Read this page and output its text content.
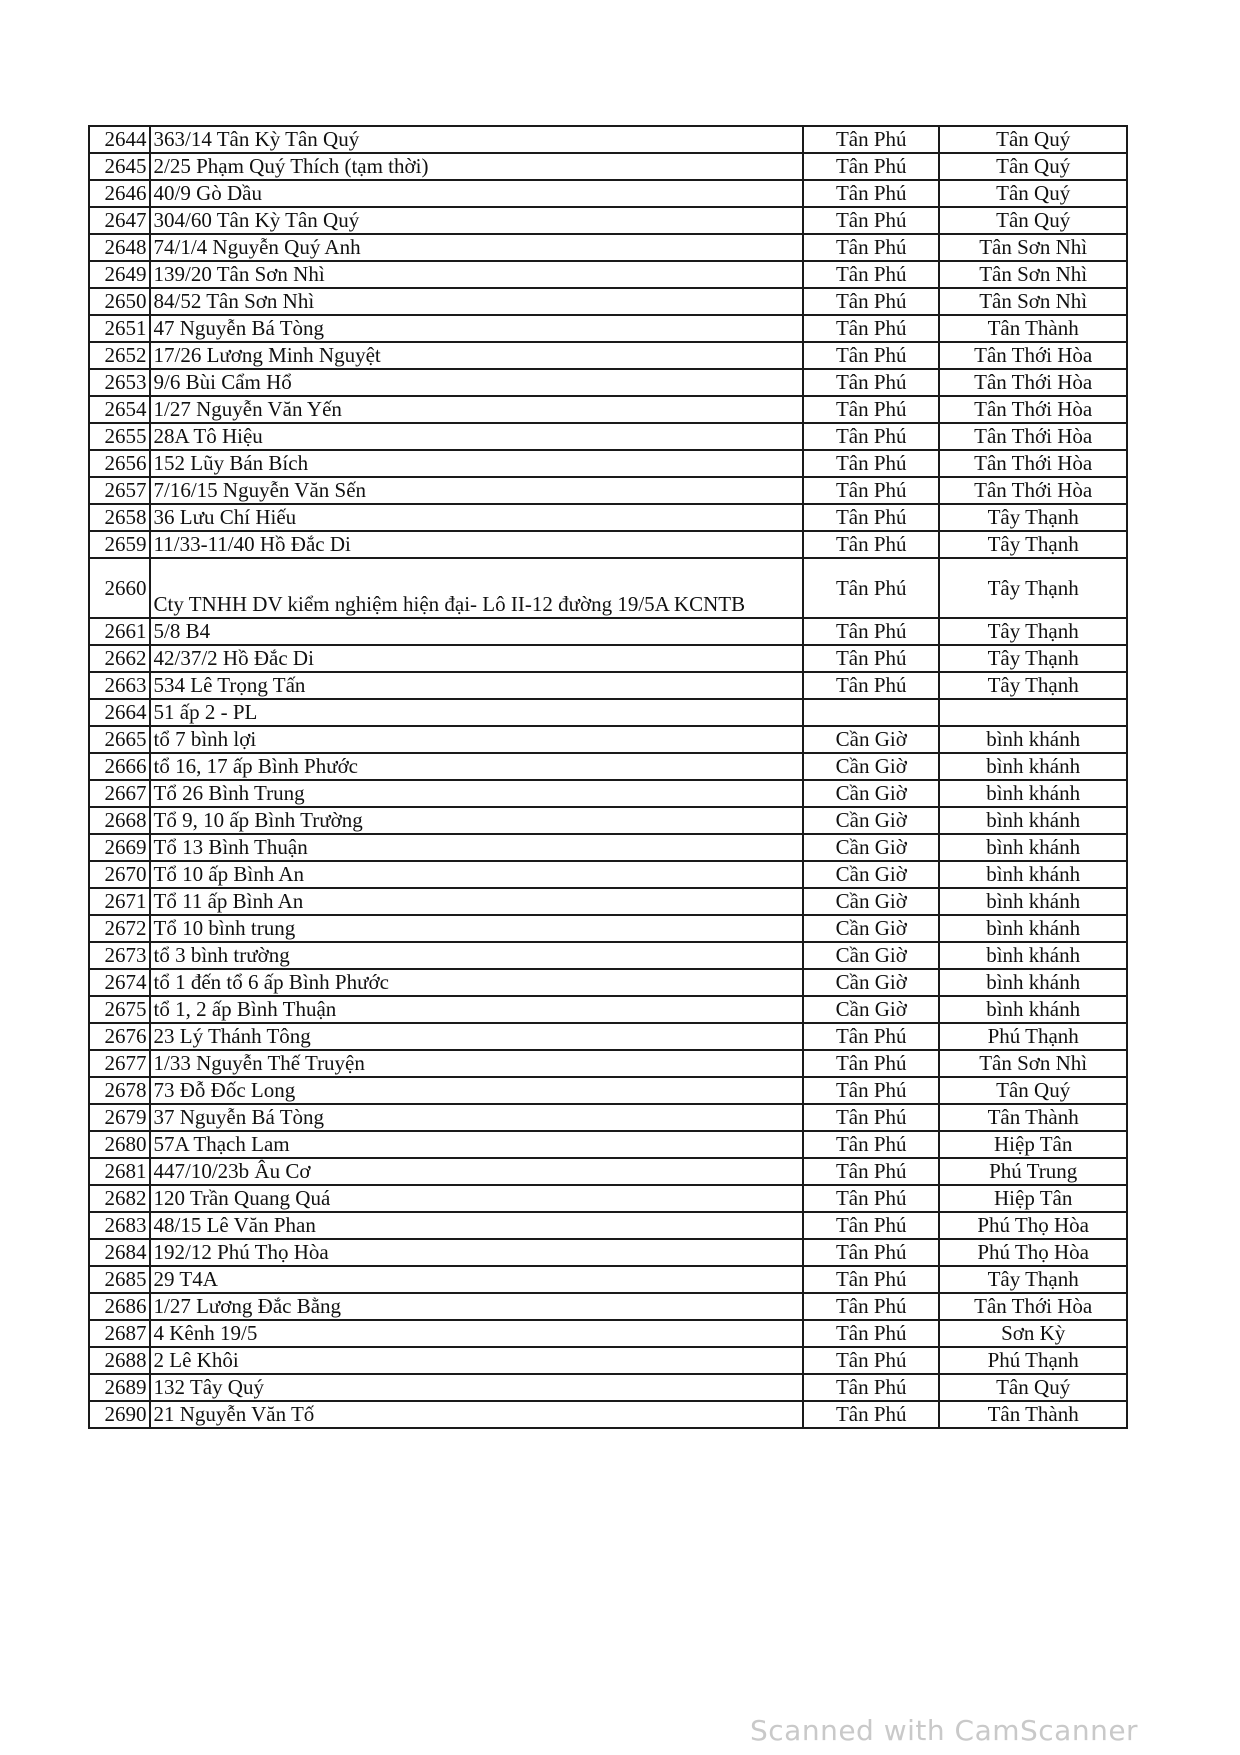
2644	363/14 Tân Kỳ Tân Quý	Tân Phú	Tân Quý
2645	2/25 Phạm Quý Thích (tạm thời)	Tân Phú	Tân Quý
2646	40/9 Gò Dầu	Tân Phú	Tân Quý
2647	304/60 Tân Kỳ Tân Quý	Tân Phú	Tân Quý
2648	74/1/4 Nguyễn Quý Anh	Tân Phú	Tân Sơn Nhì
2649	139/20 Tân Sơn Nhì	Tân Phú	Tân Sơn Nhì
2650	84/52 Tân Sơn Nhì	Tân Phú	Tân Sơn Nhì
2651	47 Nguyễn Bá Tòng	Tân Phú	Tân Thành
2652	17/26 Lương Minh Nguyệt	Tân Phú	Tân Thới Hòa
2653	9/6 Bùi Cẩm Hổ	Tân Phú	Tân Thới Hòa
2654	1/27 Nguyễn Văn Yến	Tân Phú	Tân Thới Hòa
2655	28A Tô Hiệu	Tân Phú	Tân Thới Hòa
2656	152 Lũy Bán Bích	Tân Phú	Tân Thới Hòa
2657	7/16/15 Nguyễn Văn Sến	Tân Phú	Tân Thới Hòa
2658	36 Lưu Chí Hiếu	Tân Phú	Tây Thạnh
2659	11/33-11/40 Hồ Đắc Di	Tân Phú	Tây Thạnh
2660	Cty TNHH DV kiểm nghiệm hiện đại- Lô II-12 đường 19/5A KCNTB	Tân Phú	Tây Thạnh
2661	5/8 B4	Tân Phú	Tây Thạnh
2662	42/37/2 Hồ Đắc Di	Tân Phú	Tây Thạnh
2663	534 Lê Trọng Tấn	Tân Phú	Tây Thạnh
2664	51 ấp 2 - PL		
2665	tổ 7 bình lợi	Cần Giờ	bình khánh
2666	tổ 16, 17 ấp Bình Phước	Cần Giờ	bình khánh
2667	Tổ 26 Bình Trung	Cần Giờ	bình khánh
2668	Tổ 9, 10 ấp Bình Trường	Cần Giờ	bình khánh
2669	Tổ 13 Bình Thuận	Cần Giờ	bình khánh
2670	Tổ 10 ấp Bình An	Cần Giờ	bình khánh
2671	Tổ 11 ấp Bình An	Cần Giờ	bình khánh
2672	Tổ 10 bình trung	Cần Giờ	bình khánh
2673	tổ 3 bình trường	Cần Giờ	bình khánh
2674	tổ 1 đến tổ 6 ấp Bình Phước	Cần Giờ	bình khánh
2675	tổ 1, 2 ấp Bình Thuận	Cần Giờ	bình khánh
2676	23 Lý Thánh Tông	Tân Phú	Phú Thạnh
2677	1/33 Nguyễn Thế Truyện	Tân Phú	Tân Sơn Nhì
2678	73 Đỗ Đốc Long	Tân Phú	Tân Quý
2679	37 Nguyễn Bá Tòng	Tân Phú	Tân Thành
2680	57A Thạch Lam	Tân Phú	Hiệp Tân
2681	447/10/23b Âu Cơ	Tân Phú	Phú Trung
2682	120 Trần Quang Quá	Tân Phú	Hiệp Tân
2683	48/15 Lê Văn Phan	Tân Phú	Phú Thọ Hòa
2684	192/12 Phú Thọ Hòa	Tân Phú	Phú Thọ Hòa
2685	29 T4A	Tân Phú	Tây Thạnh
2686	1/27 Lương Đắc Bằng	Tân Phú	Tân Thới Hòa
2687	4 Kênh 19/5	Tân Phú	Sơn Kỳ
2688	2 Lê Khôi	Tân Phú	Phú Thạnh
2689	132 Tây Quý	Tân Phú	Tân Quý
2690	21 Nguyễn Văn Tố	Tân Phú	Tân Thành
Scanned with CamScanner
